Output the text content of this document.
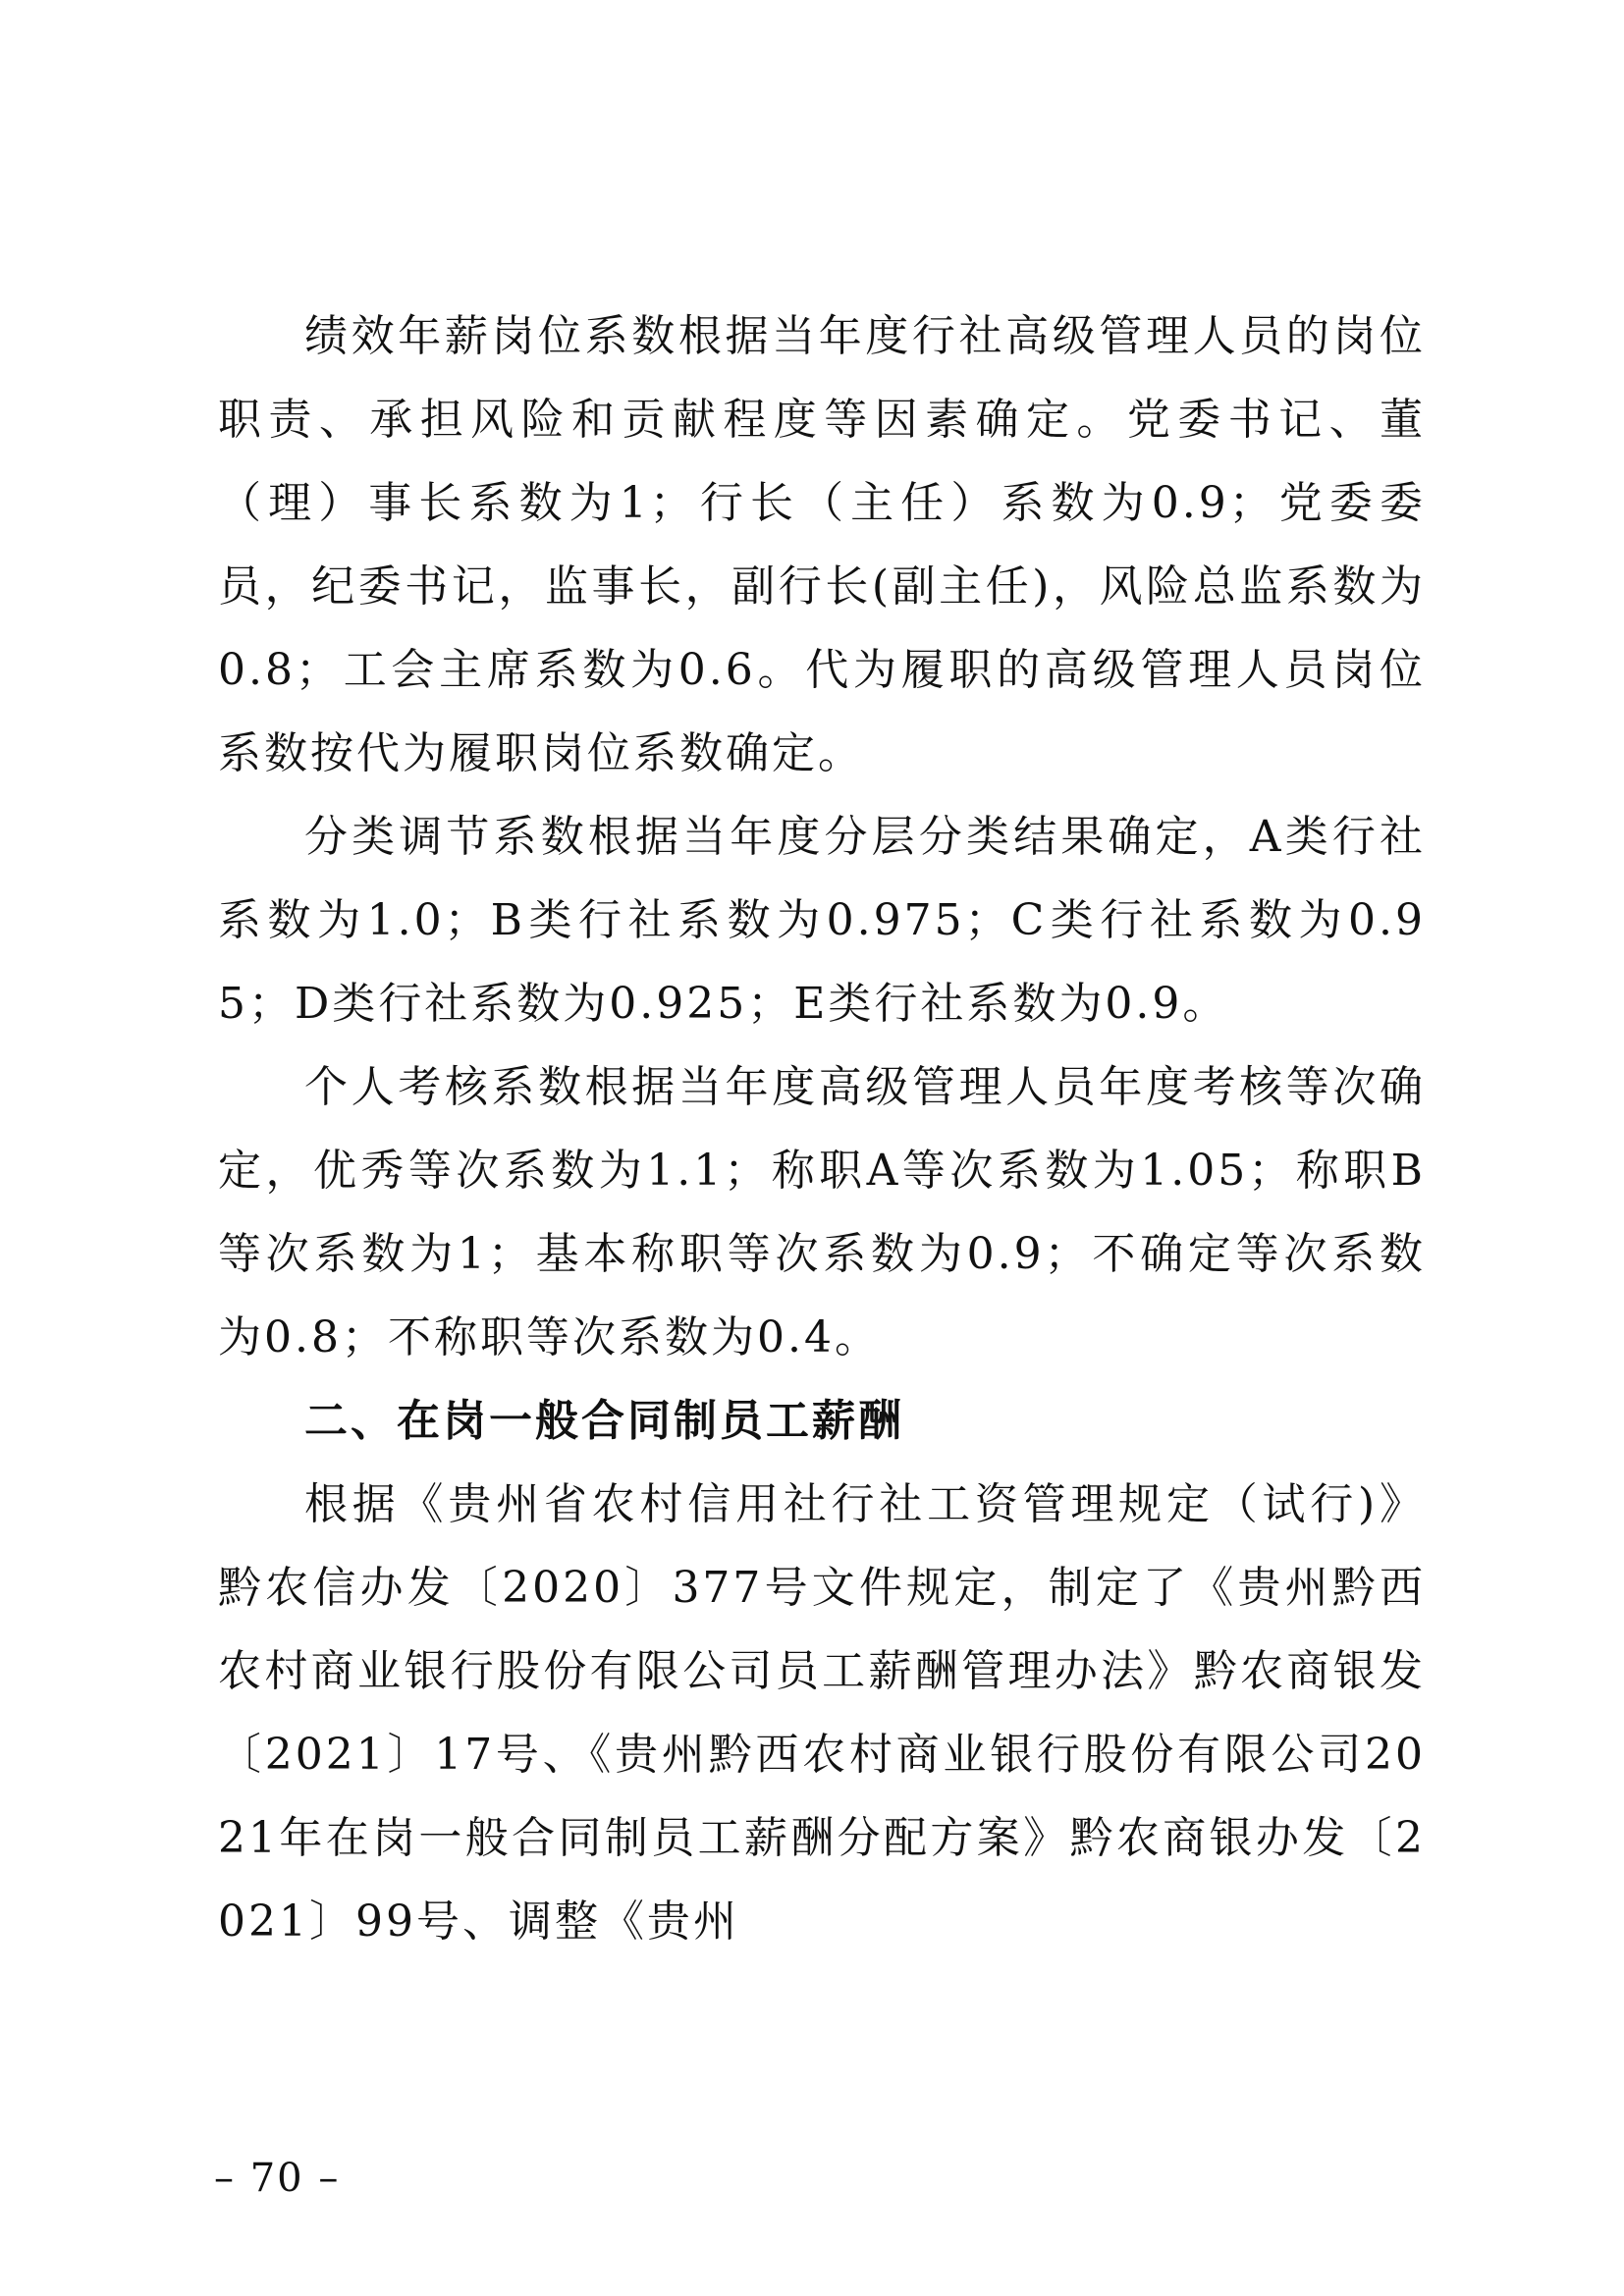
绩效年薪岗位系数根据当年度行社高级管理人员的岗位职责、承担风险和贡献程度等因素确定。党委书记、董（理）事长系数为1；行长（主任）系数为0.9；党委委员，纪委书记，监事长，副行长(副主任)，风险总监系数为0.8；工会主席系数为0.6。代为履职的高级管理人员岗位系数按代为履职岗位系数确定。

分类调节系数根据当年度分层分类结果确定，A类行社系数为1.0；B类行社系数为0.975；C类行社系数为0.95；D类行社系数为0.925；E类行社系数为0.9。

个人考核系数根据当年度高级管理人员年度考核等次确定，优秀等次系数为1.1；称职A等次系数为1.05；称职B等次系数为1；基本称职等次系数为0.9；不确定等次系数为0.8；不称职等次系数为0.4。

二、在岗一般合同制员工薪酬

根据《贵州省农村信用社行社工资管理规定（试行)》黔农信办发〔2020〕377号文件规定，制定了《贵州黔西农村商业银行股份有限公司员工薪酬管理办法》黔农商银发〔2021〕17号、《贵州黔西农村商业银行股份有限公司2021年在岗一般合同制员工薪酬分配方案》黔农商银办发〔2021〕99号、调整《贵州

– 70 –
